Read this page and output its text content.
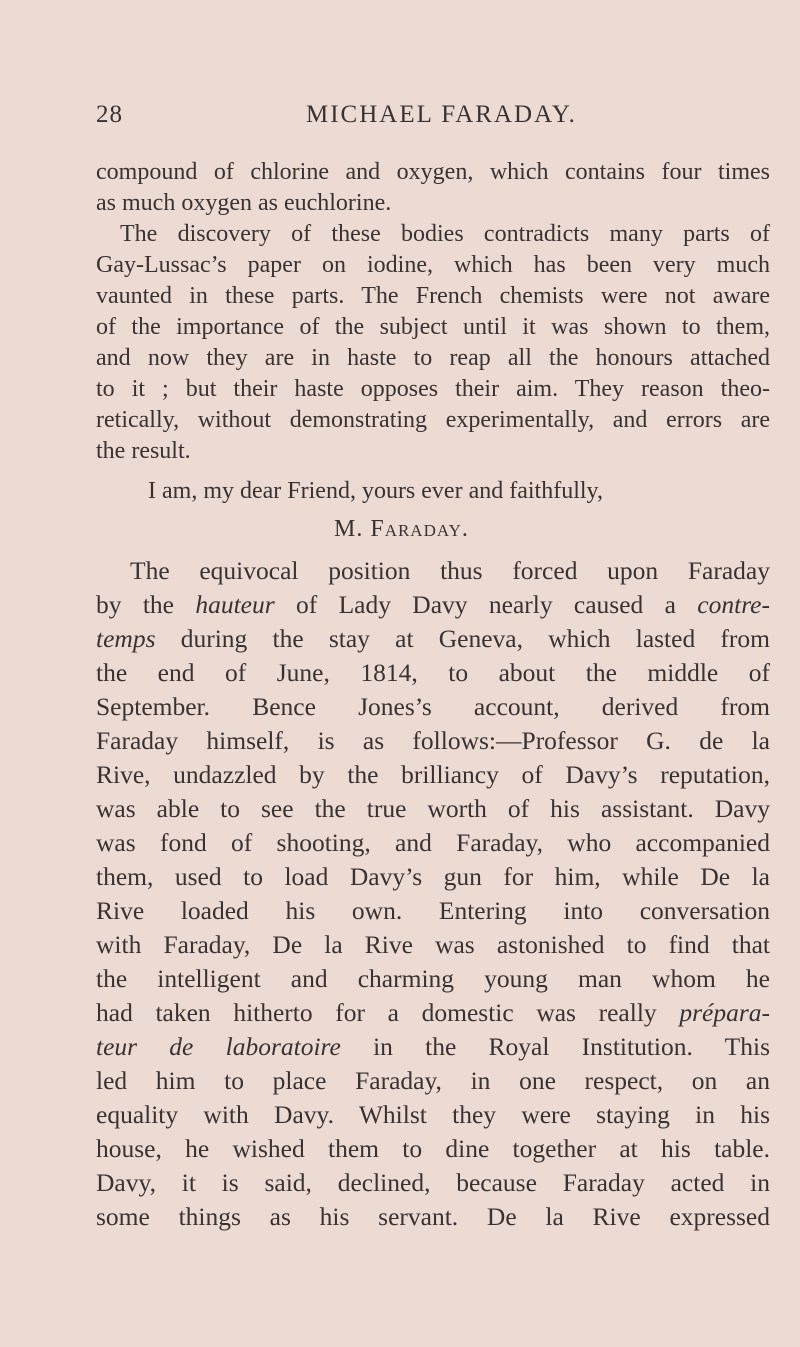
28	MICHAEL FARADAY.
compound of chlorine and oxygen, which contains four times
as much oxygen as euchlorine.
The discovery of these bodies contradicts many parts of
Gay-Lussac’s paper on iodine, which has been very much
vaunted in these parts. The French chemists were not aware
of the importance of the subject until it was shown to them,
and now they are in haste to reap all the honours attached
to it ; but their haste opposes their aim. They reason theo-
retically, without demonstrating experimentally, and errors are
the result.
I am, my dear Friend, yours ever and faithfully,
M. Faraday.
The equivocal position thus forced upon Faraday
by the hauteur of Lady Davy nearly caused a contre-
temps during the stay at Geneva, which lasted from
the end of June, 1814, to about the middle of
September. Bence Jones’s account, derived from
Faraday himself, is as follows:—Professor G. de la
Rive, undazzled by the brilliancy of Davy’s reputation,
was able to see the true worth of his assistant. Davy
was fond of shooting, and Faraday, who accompanied
them, used to load Davy’s gun for him, while De la
Rive loaded his own. Entering into conversation
with Faraday, De la Rive was astonished to find that
the intelligent and charming young man whom he
had taken hitherto for a domestic was really prépara-
teur de laboratoire in the Royal Institution. This
led him to place Faraday, in one respect, on an
equality with Davy. Whilst they were staying in his
house, he wished them to dine together at his table.
Davy, it is said, declined, because Faraday acted in
some things as his servant. De la Rive expressed
